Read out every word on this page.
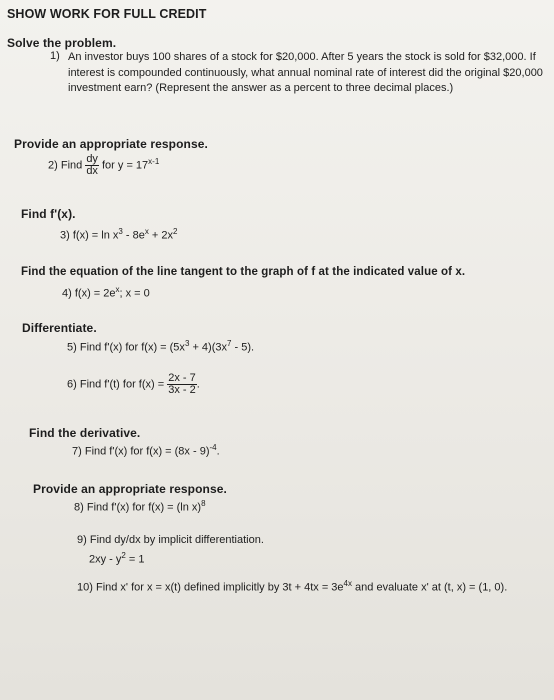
SHOW WORK FOR FULL CREDIT
Solve the problem.
1) An investor buys 100 shares of a stock for $20,000. After 5 years the stock is sold for $32,000. If interest is compounded continuously, what annual nominal rate of interest did the original $20,000 investment earn? (Represent the answer as a percent to three decimal places.)
Provide an appropriate response.
2) Find $\frac{dy}{dx}$ for $y = 17^{x-1}$
Find f'(x).
3) $f(x) = \ln x^3 - 8e^x + 2x^2$
Find the equation of the line tangent to the graph of f at the indicated value of x.
4) $f(x) = 2e^x$; x = 0
Differentiate.
5) Find f'(x) for $f(x) = (5x^3 + 4)(3x^7 - 5)$.
6) Find f'(t) for $f(x) = \frac{2x - 7}{3x - 2}$ .
Find the derivative.
7) Find f'(x) for f(x) = (8x - 9)$^{-4}$.
Provide an appropriate response.
8) Find f'(x) for f(x) = (ln x)$^8$
9) Find dy/dx by implicit differentiation.
$2xy - y^2 = 1$
10) Find x' for x = x(t) defined implicitly by $3t + 4tx = 3e^{4x}$ and evaluate x' at (t, x) = (1, 0).
